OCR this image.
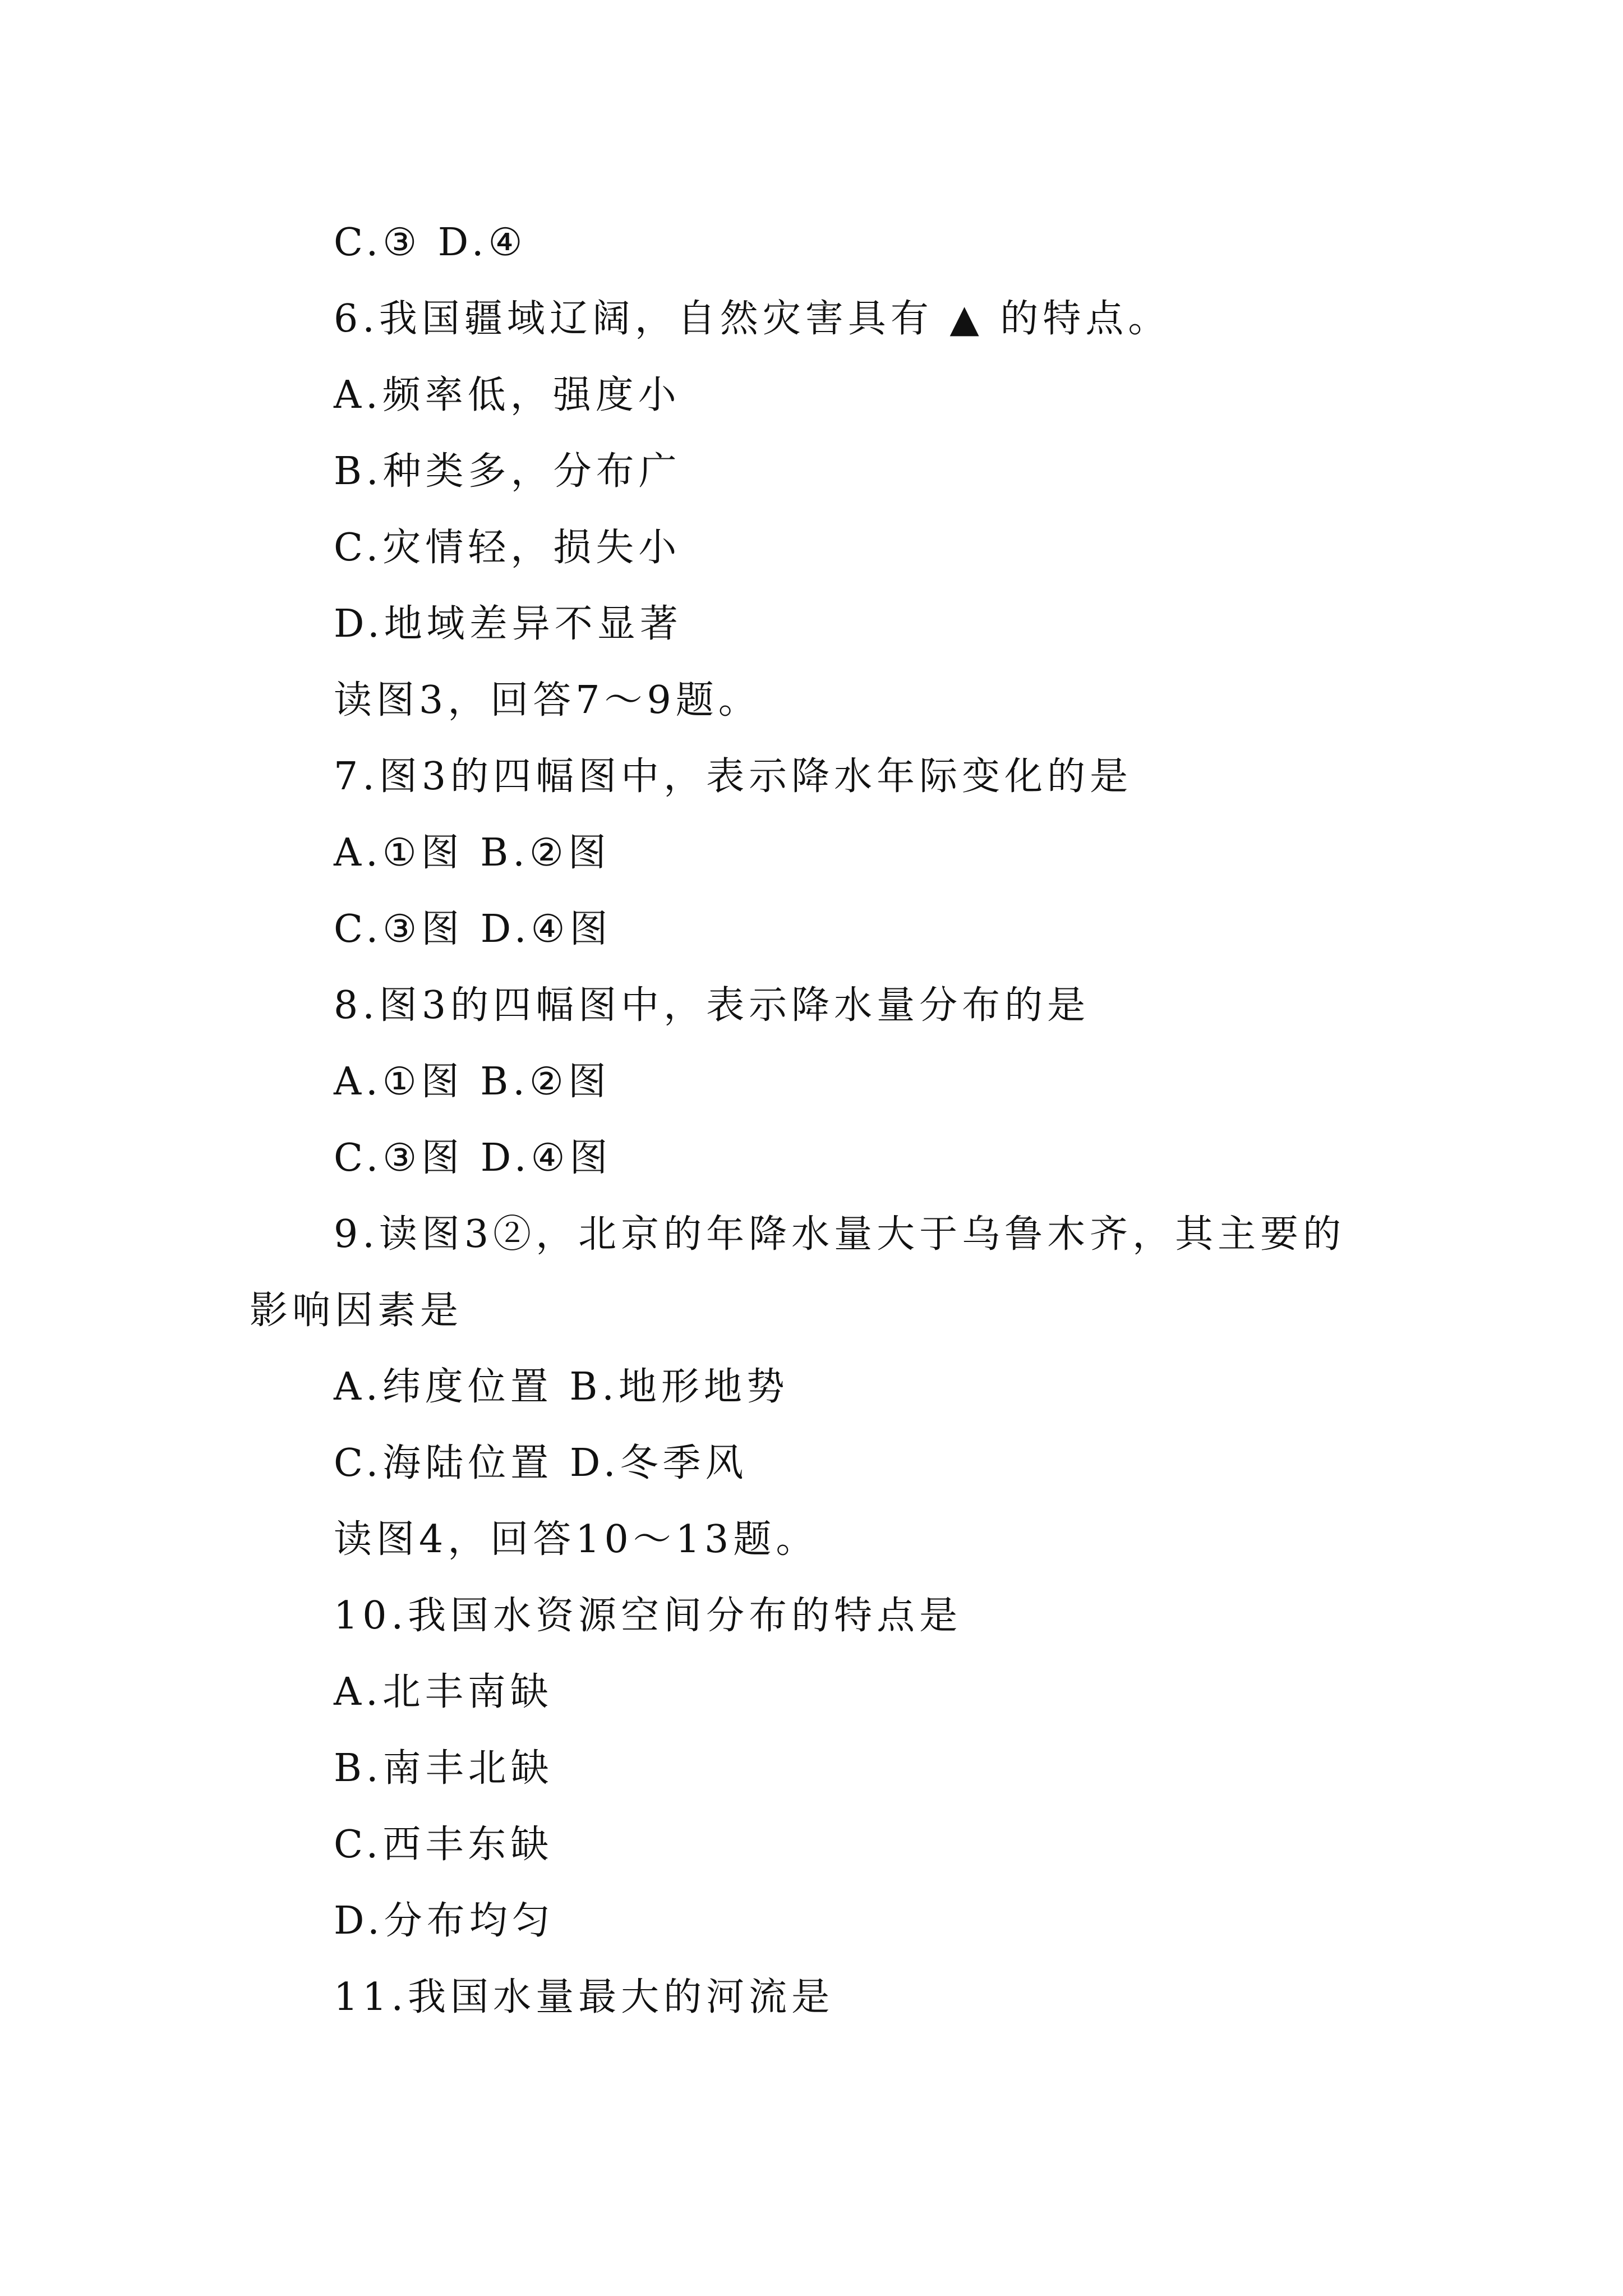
C.③ D.④
6.我国疆域辽阔，自然灾害具有 ▲ 的特点。
A.频率低，强度小
B.种类多，分布广
C.灾情轻，损失小
D.地域差异不显著
读图3，回答7～9题。
7.图3的四幅图中，表示降水年际变化的是
A.①图 B.②图
C.③图 D.④图
8.图3的四幅图中，表示降水量分布的是
A.①图 B.②图
C.③图 D.④图
9.读图3②，北京的年降水量大于乌鲁木齐，其主要的
影响因素是
A.纬度位置 B.地形地势
C.海陆位置 D.冬季风
读图4，回答10～13题。
10.我国水资源空间分布的特点是
A.北丰南缺
B.南丰北缺
C.西丰东缺
D.分布均匀
11.我国水量最大的河流是
